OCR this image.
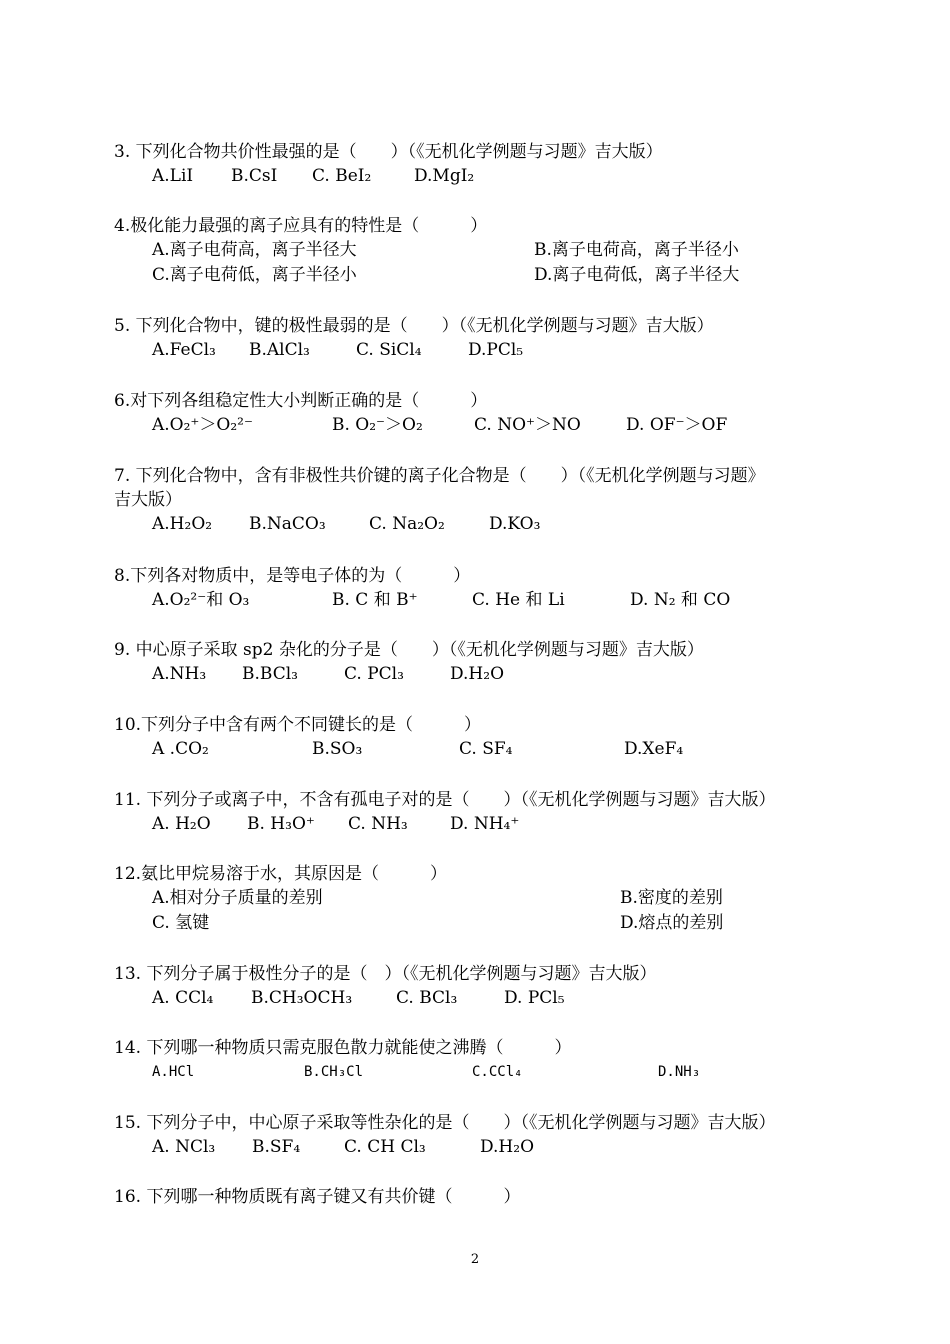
3. 下列化合物共价性最强的是（　　）（《无机化学例题与习题》吉大版）
A.LiI B.CsI C. BeI₂	D.MgI₂
4.极化能力最强的离子应具有的特性是（　　　）
A.离子电荷高，离子半径大	B.离子电荷高，离子半径小
C.离子电荷低，离子半径小	D.离子电荷低，离子半径大
5. 下列化合物中，键的极性最弱的是（　　）（《无机化学例题与习题》吉大版）
A.FeCl₃ B.AlCl₃	C. SiCl₄	D.PCl₅
6.对下列各组稳定性大小判断正确的是（　　　）
A.O₂⁺＞O₂²⁻	B. O₂⁻＞O₂	C. NO⁺＞NO	D. OF⁻＞OF
7. 下列化合物中，含有非极性共价键的离子化合物是（　　）（《无机化学例题与习题》
吉大版）
A.H₂O₂ B.NaCO₃	C. Na₂O₂	D.KO₃
8.下列各对物质中，是等电子体的为（　　　）
A.O₂²⁻和 O₃	B. C 和 B⁺	C. He 和 Li	D. N₂ 和 CO
9. 中心原子采取 sp2 杂化的分子是（　　）（《无机化学例题与习题》吉大版）
A.NH₃ B.BCl₃	C. PCl₃	D.H₂O
10.下列分子中含有两个不同键长的是（　　　）
A .CO₂	B.SO₃	C. SF₄	D.XeF₄
11. 下列分子或离子中，不含有孤电子对的是（　　）（《无机化学例题与习题》吉大版）
A. H₂O B. H₃O⁺ C. NH₃ D. NH₄⁺
12.氨比甲烷易溶于水，其原因是（　　　）
A.相对分子质量的差别	B.密度的差别
C. 氢键	D.熔点的差别
13. 下列分子属于极性分子的是（　）（《无机化学例题与习题》吉大版）
A. CCl₄ B.CH₃OCH₃	C. BCl₃	D. PCl₅
14. 下列哪一种物质只需克服色散力就能使之沸腾（　　　）
A.HCl	B.CH₃Cl	C.CCl₄	D.NH₃
15. 下列分子中，中心原子采取等性杂化的是（　　）（《无机化学例题与习题》吉大版）
A. NCl₃ B.SF₄	C. CH Cl₃	D.H₂O
16. 下列哪一种物质既有离子键又有共价键（　　　）
2
